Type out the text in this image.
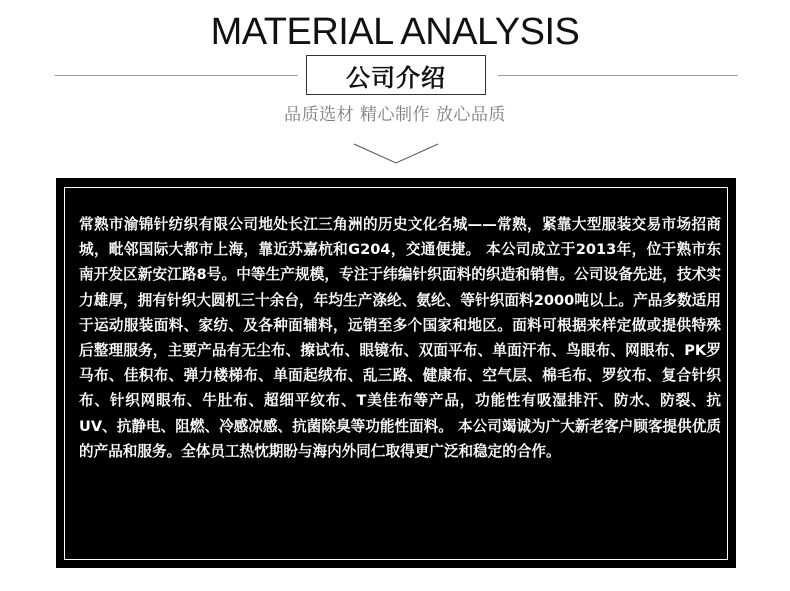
MATERIAL ANALYSIS
公司介绍
品质选材 精心制作 放心品质

常熟市渝锦针纺织有限公司地处长江三角洲的历史文化名城——常熟，紧靠大型服装交易市场招商城，毗邻国际大都市上海，靠近苏嘉杭和G204，交通便捷。 本公司成立于2013年，位于熟市东南开发区新安江路8号。中等生产规模，专注于纬编针织面料的织造和销售。公司设备先进，技术实力雄厚，拥有针织大圆机三十余台，年均生产涤纶、氨纶、等针织面料2000吨以上。产品多数适用于运动服装面料、家纺、及各种面辅料，远销至多个国家和地区。面料可根据来样定做或提供特殊后整理服务，主要产品有无尘布、擦试布、眼镜布、双面平布、单面汗布、鸟眼布、网眼布、PK罗马布、佳积布、弹力楼梯布、单面起绒布、乱三路、健康布、空气层、棉毛布、罗纹布、复合针织布、针织网眼布、牛肚布、超细平纹布、T美佳布等产品，功能性有吸湿排汗、防水、防裂、抗UV、抗静电、阻燃、冷感凉感、抗菌除臭等功能性面料。 本公司竭诚为广大新老客户顾客提供优质的产品和服务。全体员工热忱期盼与海内外同仁取得更广泛和稳定的合作。
